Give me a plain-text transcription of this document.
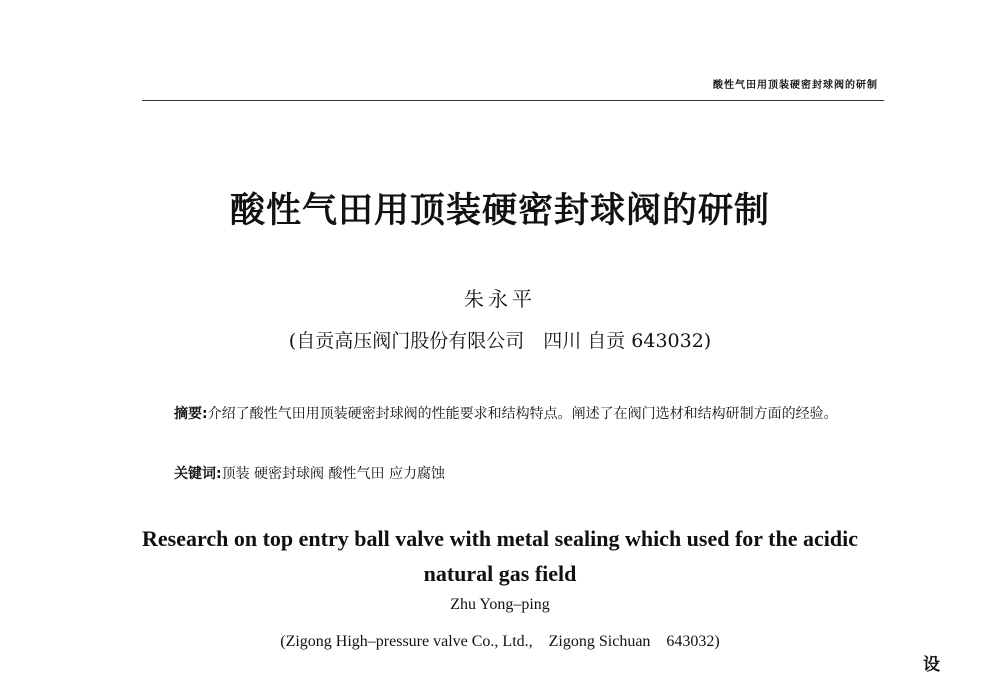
酸性气田用顶装硬密封球阀的研制
酸性气田用顶装硬密封球阀的研制
朱永平
(自贡高压阀门股份有限公司　四川 自贡 643032)
摘要:介绍了酸性气田用顶装硬密封球阀的性能要求和结构特点。阐述了在阀门选材和结构研制方面的经验。
关键词:顶装 硬密封球阀 酸性气田 应力腐蚀
Research on top entry ball valve with metal sealing which used for the acidic natural gas field
Zhu Yong–ping
(Zigong High–pressure valve Co., Ltd.,　Zigong Sichuan　643032)
设
